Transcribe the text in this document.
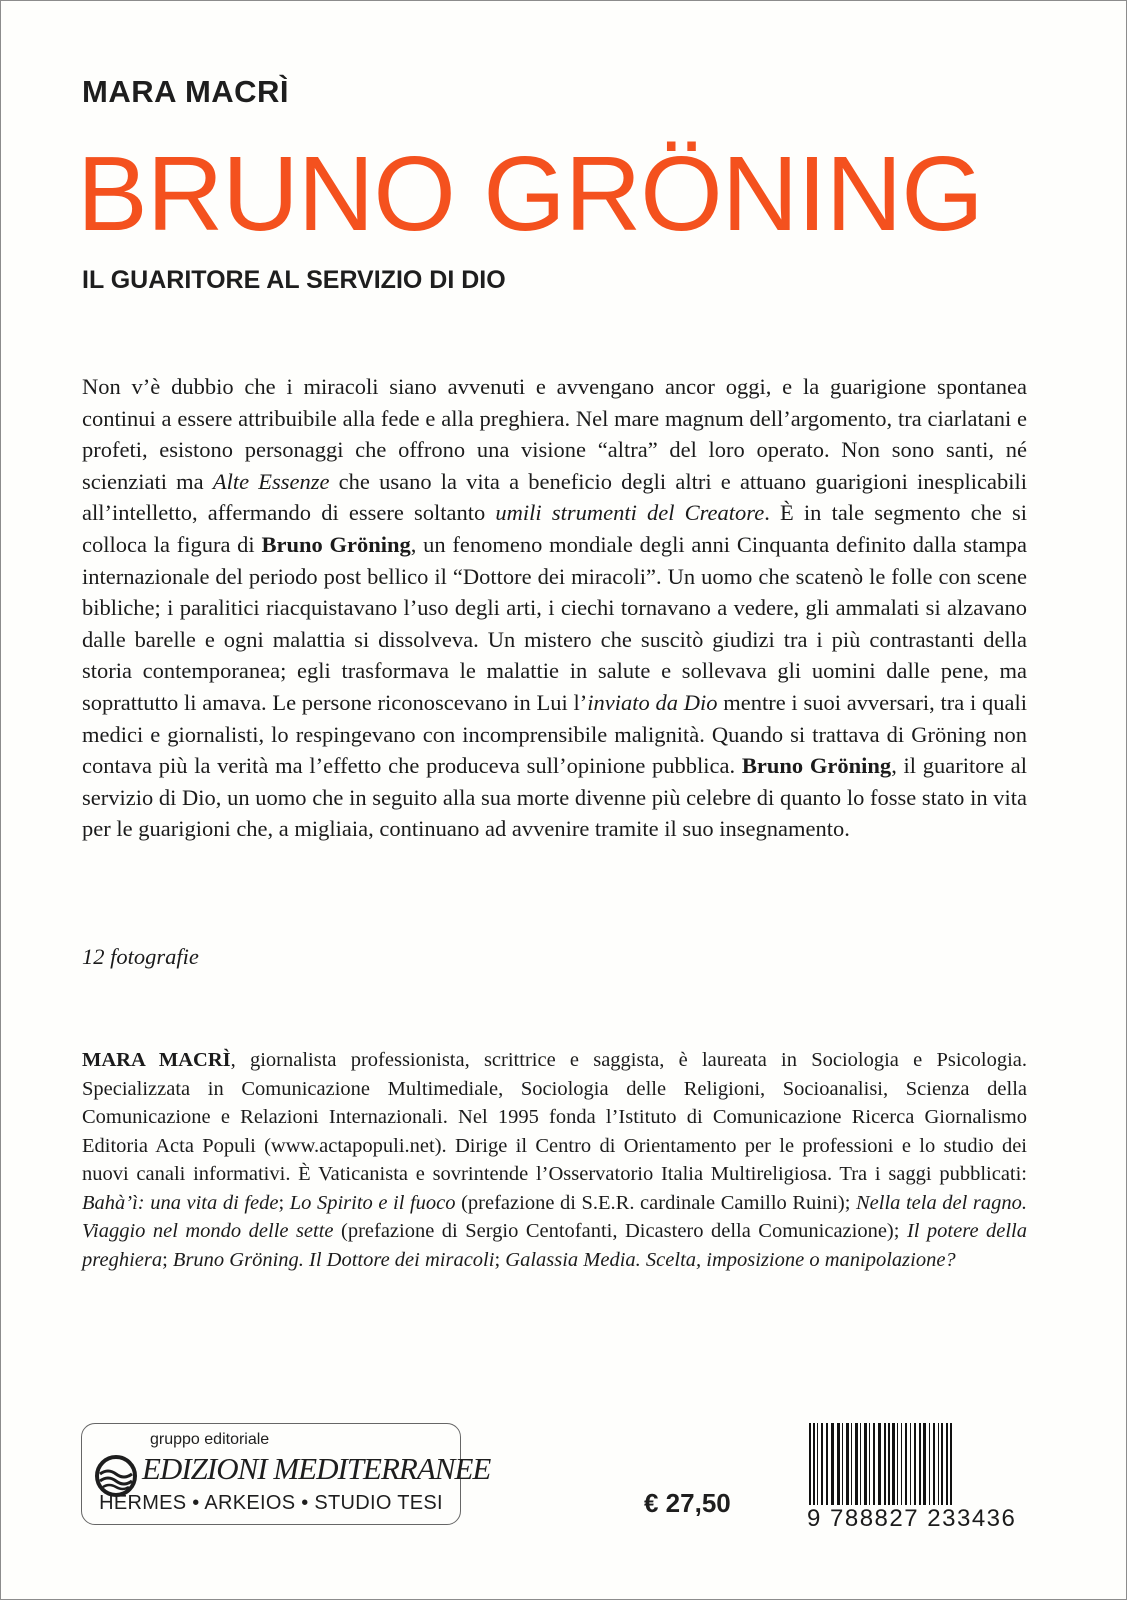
MARA MACRÌ
BRUNO GRÖNING
IL GUARITORE AL SERVIZIO DI DIO

Non v’è dubbio che i miracoli siano avvenuti e avvengano ancor oggi, e la guarigione spontanea continui a essere attribuibile alla fede e alla preghiera. Nel mare magnum dell’argomento, tra ciarlatani e profeti, esistono personaggi che offrono una visione “altra” del loro operato. Non sono santi, né scienziati ma Alte Essenze che usano la vita a beneficio degli altri e attuano guarigioni inesplicabili all’intelletto, affermando di essere soltanto umili strumenti del Creatore. È in tale segmento che si colloca la figura di Bruno Gröning, un fenomeno mondiale degli anni Cinquanta definito dalla stampa internazionale del periodo post bellico il “Dottore dei miracoli”. Un uomo che scatenò le folle con scene bibliche; i paralitici riacquistavano l’uso degli arti, i ciechi tornavano a vedere, gli ammalati si alzavano dalle barelle e ogni malattia si dissolveva. Un mistero che suscitò giudizi tra i più contrastanti della storia contemporanea; egli trasformava le malattie in salute e sollevava gli uomini dalle pene, ma soprattutto li amava. Le persone riconoscevano in Lui l’inviato da Dio mentre i suoi avversari, tra i quali medici e giornalisti, lo respingevano con incomprensibile malignità. Quando si trattava di Gröning non contava più la verità ma l’effetto che produceva sull’opinione pubblica. Bruno Gröning, il guaritore al servizio di Dio, un uomo che in seguito alla sua morte divenne più celebre di quanto lo fosse stato in vita per le guarigioni che, a migliaia, continuano ad avvenire tramite il suo insegnamento.

12 fotografie

MARA MACRÌ, giornalista professionista, scrittrice e saggista, è laureata in Sociologia e Psicologia. Specializzata in Comunicazione Multimediale, Sociologia delle Religioni, Socioanalisi, Scienza della Comunicazione e Relazioni Internazionali. Nel 1995 fonda l’Istituto di Comunicazione Ricerca Giornalismo Editoria Acta Populi (www.actapopuli.net). Dirige il Centro di Orientamento per le professioni e lo studio dei nuovi canali informativi. È Vaticanista e sovrintende l’Osservatorio Italia Multireligiosa. Tra i saggi pubblicati: Bahà’ì: una vita di fede; Lo Spirito e il fuoco (prefazione di S.E.R. cardinale Camillo Ruini); Nella tela del ragno. Viaggio nel mondo delle sette (prefazione di Sergio Centofanti, Dicastero della Comunicazione); Il potere della preghiera; Bruno Gröning. Il Dottore dei miracoli; Galassia Media. Scelta, imposizione o manipolazione?

gruppo editoriale
EDIZIONI MEDITERRANEE
HERMES • ARKEIOS • STUDIO TESI	€ 27,50
9 788827 233436
